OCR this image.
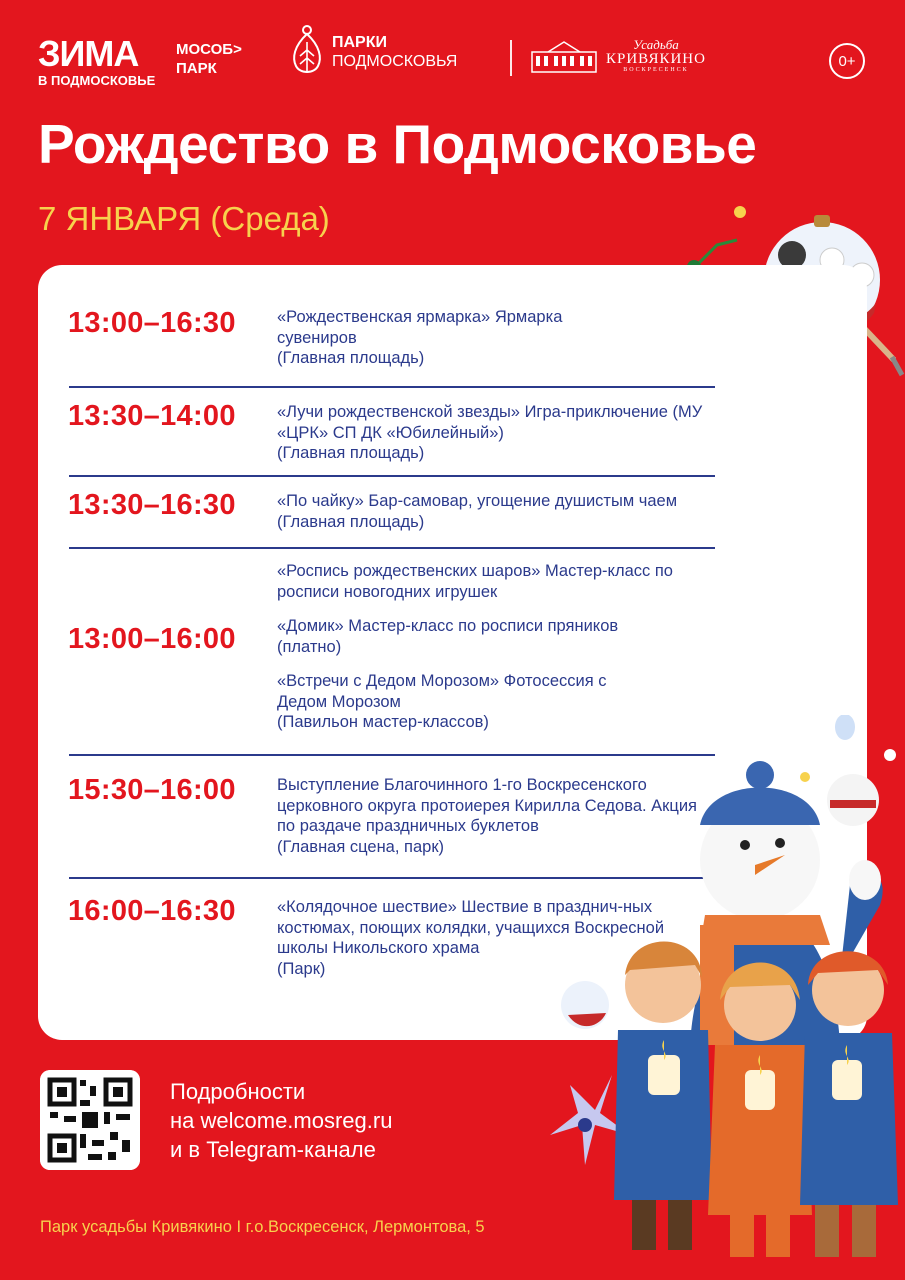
ЗИМА
В ПОДМОСКОВЬЕ
МОСОБ> ПАРК
ПАРКИ
ПОДМОСКОВЬЯ
Усадьба
КРИВЯКИНО
ВОСКРЕСЕНСК
0+
Рождество в Подмосковье
7 ЯНВАРЯ (Среда)
13:00–16:30 «Рождественская ярмарка» Ярмарка сувениров

(Главная площадь)

13:30–14:00 «Лучи рождественской звезды» Игра-приключение (МУ «ЦРК» СП ДК «Юбилейный»)

(Главная площадь)

13:30–16:30 «По чайку» Бар-самовар, угощение душистым чаем

(Главная площадь)

13:00–16:00

«Роспись рождественских шаров» Мастер-класс по росписи новогодних игрушек

«Домик» Мастер-класс по росписи пряников (платно)

«Встречи с Дедом Морозом» Фотосессия с Дедом Морозом

(Павильон мастер-классов)

15:30–16:00 Выступление Благочинного 1-го Воскресенского церковного округа протоиерея Кирилла Седова. Акция по раздаче праздничных буклетов

(Главная сцена, парк)

16:00–16:30 «Колядочное шествие» Шествие в празднич-ных костюмах, поющих колядки, учащихся Воскресной школы Никольского храма

(Парк)

Подробности
на welcome.mosreg.ru
и в Telegram-канале
Парк усадьбы Кривякино I г.о.Воскресенск, Лермонтова, 5
